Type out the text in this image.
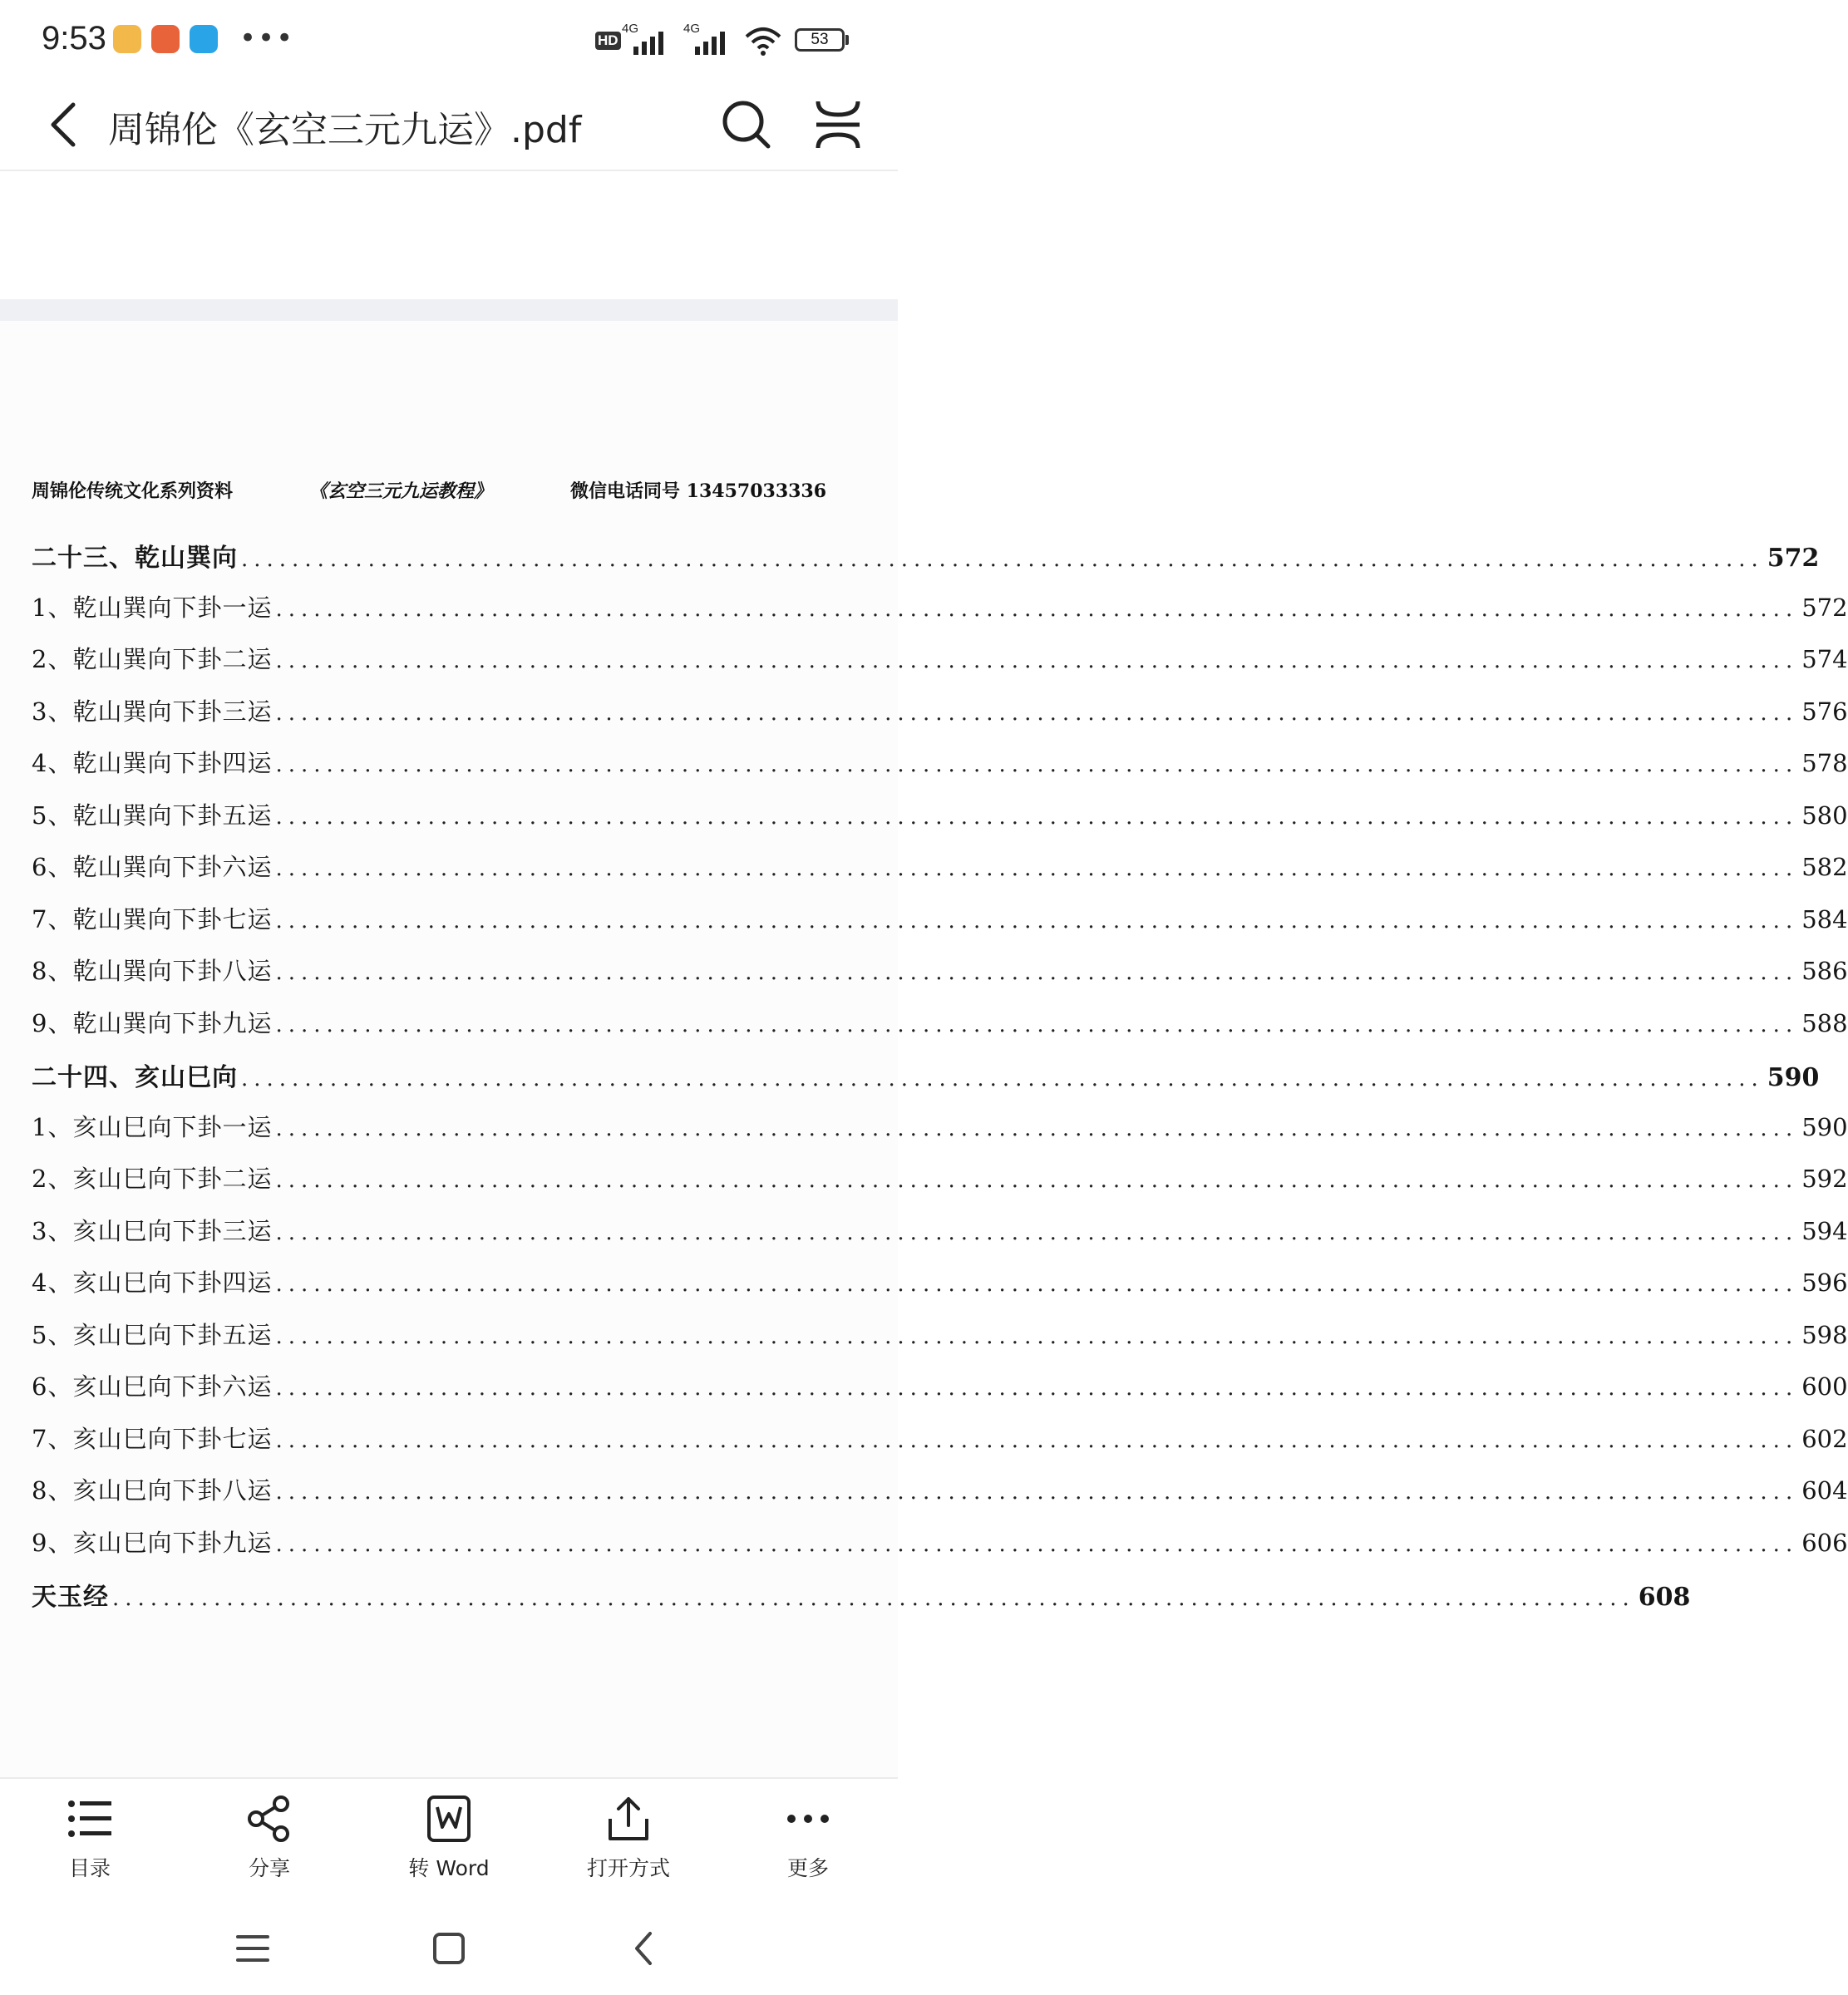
9:53	•••	HD
4G	4G
53
周锦伦《玄空三元九运》.pdf
周锦伦传统文化系列资料	《玄空三元九运教程》	微信电话同号 13457033336
二十三、乾山巽向 ........................................................................................................................ 572
1、乾山巽向下卦一运 ........................................................................................................................ 572
2、乾山巽向下卦二运 ........................................................................................................................ 574
3、乾山巽向下卦三运 ........................................................................................................................ 576
4、乾山巽向下卦四运 ........................................................................................................................ 578
5、乾山巽向下卦五运 ........................................................................................................................ 580
6、乾山巽向下卦六运 ........................................................................................................................ 582
7、乾山巽向下卦七运 ........................................................................................................................ 584
8、乾山巽向下卦八运 ........................................................................................................................ 586
9、乾山巽向下卦九运 ........................................................................................................................ 588
二十四、亥山巳向 ........................................................................................................................ 590
1、亥山巳向下卦一运 ........................................................................................................................ 590
2、亥山巳向下卦二运 ........................................................................................................................ 592
3、亥山巳向下卦三运 ........................................................................................................................ 594
4、亥山巳向下卦四运 ........................................................................................................................ 596
5、亥山巳向下卦五运 ........................................................................................................................ 598
6、亥山巳向下卦六运 ........................................................................................................................ 600
7、亥山巳向下卦七运 ........................................................................................................................ 602
8、亥山巳向下卦八运 ........................................................................................................................ 604
9、亥山巳向下卦九运 ........................................................................................................................ 606
天玉经 ........................................................................................................................ 608
目录	分享	转 Word	打开方式	更多
